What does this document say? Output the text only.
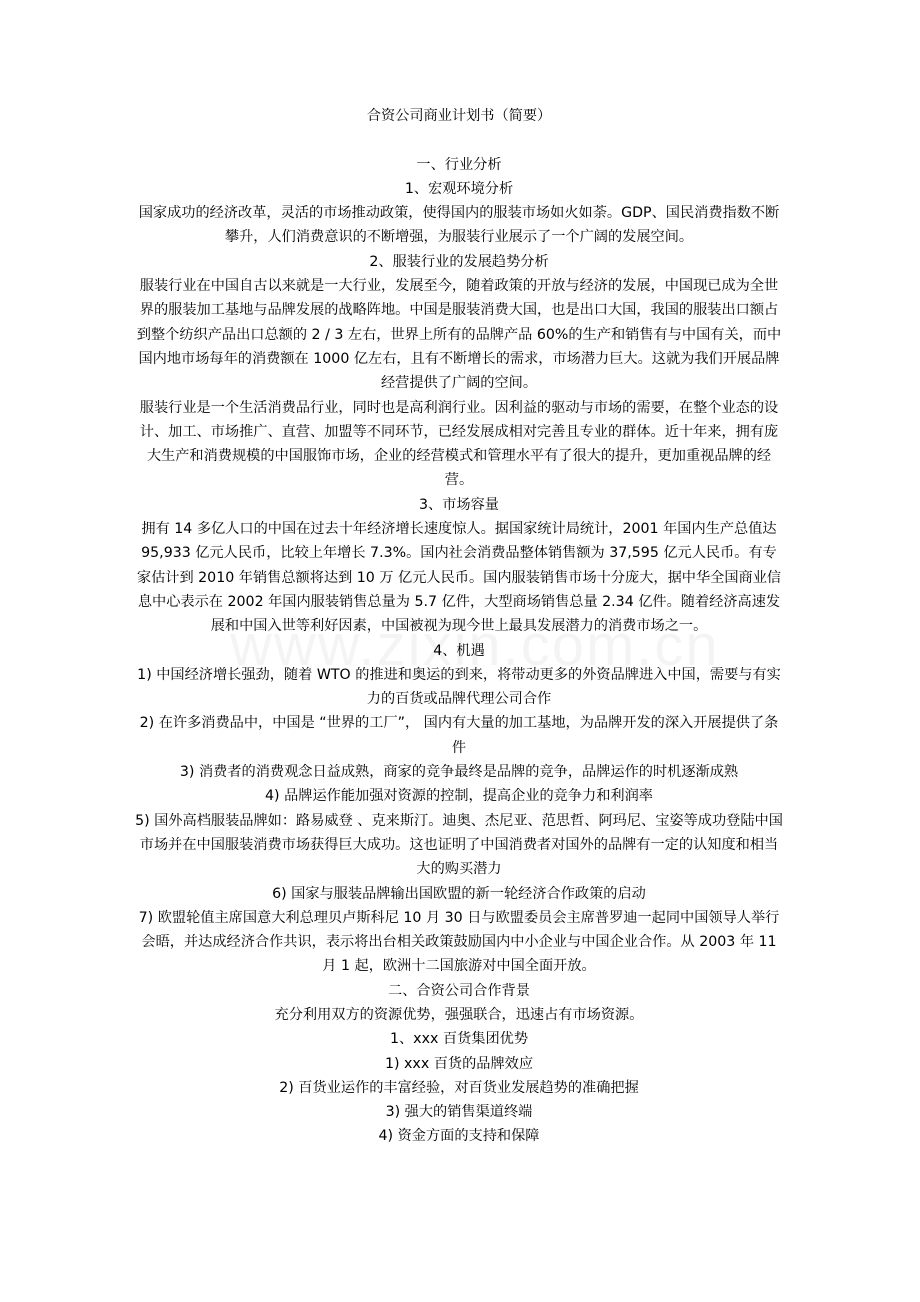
合资公司商业计划书（简要）

一、行业分析

1、宏观环境分析

国家成功的经济改革，灵活的市场推动政策，使得国内的服装市场如火如荼。GDP、国民消费指数不断攀升，人们消费意识的不断增强，为服装行业展示了一个广阔的发展空间。

2、服装行业的发展趋势分析

服装行业在中国自古以来就是一大行业，发展至今，随着政策的开放与经济的发展，中国现已成为全世界的服装加工基地与品牌发展的战略阵地。中国是服装消费大国，也是出口大国，我国的服装出口额占到整个纺织产品出口总额的 2 / 3 左右，世界上所有的品牌产品 60%的生产和销售有与中国有关，而中国内地市场每年的消费额在 1000 亿左右，且有不断增长的需求，市场潜力巨大。这就为我们开展品牌经营提供了广阔的空间。

服装行业是一个生活消费品行业，同时也是高利润行业。因利益的驱动与市场的需要，在整个业态的设计、加工、市场推广、直营、加盟等不同环节，已经发展成相对完善且专业的群体。近十年来，拥有庞大生产和消费规模的中国服饰市场，企业的经营模式和管理水平有了很大的提升，更加重视品牌的经营。

3、市场容量

拥有 14 多亿人口的中国在过去十年经济增长速度惊人。据国家统计局统计，2001 年国内生产总值达 95,933 亿元人民币，比较上年增长 7.3%。国内社会消费品整体销售额为 37,595 亿元人民币。有专家估计到 2010 年销售总额将达到 10 万 亿元人民币。国内服装销售市场十分庞大，据中华全国商业信息中心表示在 2002 年国内服装销售总量为 5.7 亿件，大型商场销售总量 2.34 亿件。随着经济高速发展和中国入世等利好因素，中国被视为现今世上最具发展潜力的消费市场之一。

4、机遇

1) 中国经济增长强劲，随着 WTO 的推进和奥运的到来，将带动更多的外资品牌进入中国，需要与有实力的百货或品牌代理公司合作

2) 在许多消费品中，中国是 “世界的工厂”， 国内有大量的加工基地，为品牌开发的深入开展提供了条件

3) 消费者的消费观念日益成熟，商家的竞争最终是品牌的竞争，品牌运作的时机逐渐成熟

4) 品牌运作能加强对资源的控制，提高企业的竞争力和利润率

5) 国外高档服装品牌如：路易威登 、克来斯汀。迪奥、杰尼亚、范思哲、阿玛尼、宝姿等成功登陆中国市场并在中国服装消费市场获得巨大成功。这也证明了中国消费者对国外的品牌有一定的认知度和相当大的购买潜力

6) 国家与服装品牌输出国欧盟的新一轮经济合作政策的启动

7) 欧盟轮值主席国意大利总理贝卢斯科尼 10 月 30 日与欧盟委员会主席普罗迪一起同中国领导人举行会晤，并达成经济合作共识，表示将出台相关政策鼓励国内中小企业与中国企业合作。从 2003 年 11 月 1 起，欧洲十二国旅游对中国全面开放。

二、合资公司合作背景

充分利用双方的资源优势，强强联合，迅速占有市场资源。

1、xxx 百货集团优势

1) xxx 百货的品牌效应

2) 百货业运作的丰富经验，对百货业发展趋势的准确把握

3) 强大的销售渠道终端

4) 资金方面的支持和保障
